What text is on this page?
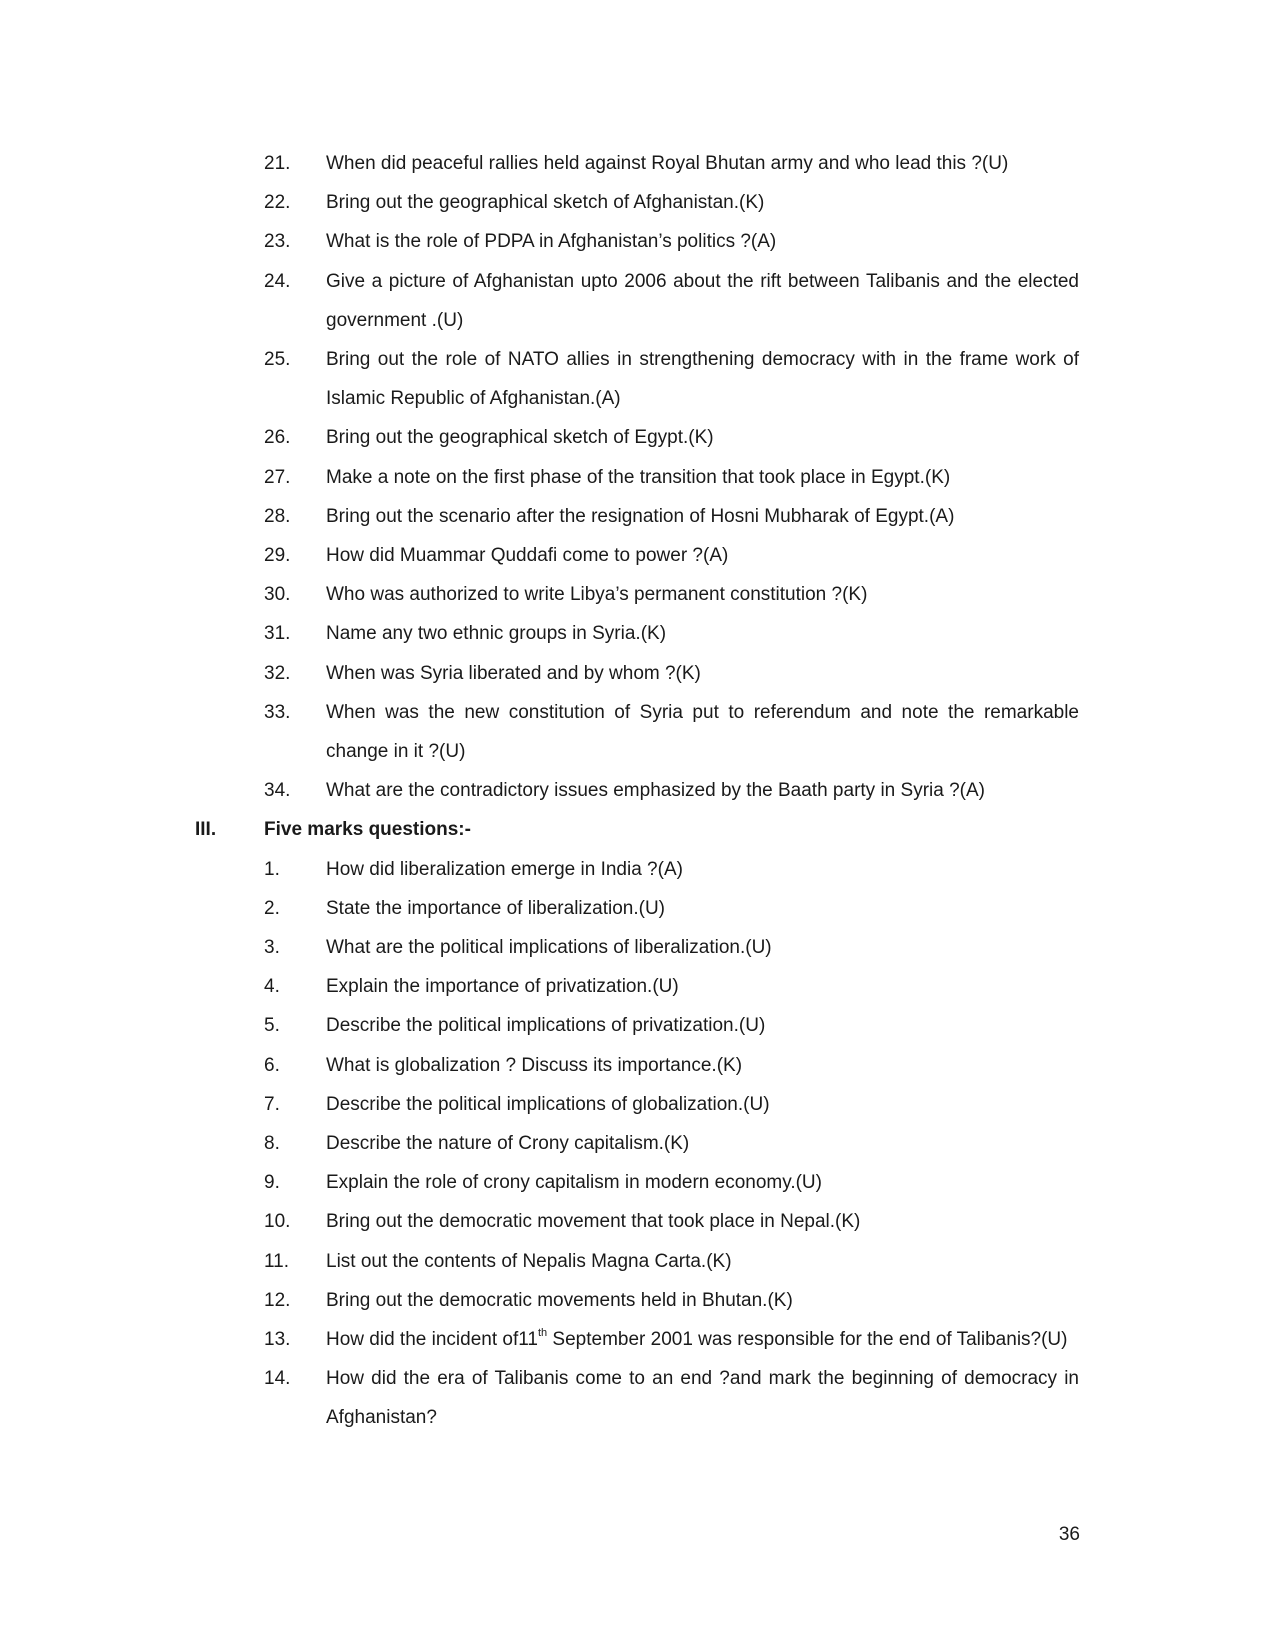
21. When did peaceful rallies held against Royal Bhutan army and who lead this ?(U)
22. Bring out the geographical sketch of Afghanistan.(K)
23. What is the role of PDPA in Afghanistan’s politics ?(A)
24. Give a picture of Afghanistan upto 2006 about the rift between Talibanis and the elected government .(U)
25. Bring out the role of NATO allies in strengthening democracy with in the frame work of Islamic Republic of Afghanistan.(A)
26. Bring out the geographical sketch of Egypt.(K)
27. Make a note on the first phase of the transition that took place in Egypt.(K)
28. Bring out the scenario after the resignation of Hosni Mubharak of Egypt.(A)
29. How did Muammar Quddafi come to power ?(A)
30. Who was authorized to write Libya’s permanent constitution ?(K)
31. Name any two ethnic groups in Syria.(K)
32. When was Syria liberated and by whom ?(K)
33. When was the new constitution of Syria put to referendum and note the remarkable change in it ?(U)
34. What are the contradictory issues emphasized by the Baath party in Syria ?(A)
III.	Five marks questions:-
1. How did liberalization emerge in India ?(A)
2. State the importance of liberalization.(U)
3. What are the political implications of liberalization.(U)
4. Explain the importance of privatization.(U)
5. Describe the political implications of privatization.(U)
6. What is globalization ? Discuss its importance.(K)
7. Describe the political implications of globalization.(U)
8. Describe the nature of Crony capitalism.(K)
9. Explain the role of crony capitalism in modern economy.(U)
10. Bring out the democratic movement that took place in Nepal.(K)
11. List out the contents of Nepalis Magna Carta.(K)
12. Bring out the democratic movements held in Bhutan.(K)
13. How did the incident of11th September 2001 was responsible for the end of Talibanis?(U)
14. How did the era of Talibanis come to an end ?and mark the beginning of democracy in Afghanistan?
36
